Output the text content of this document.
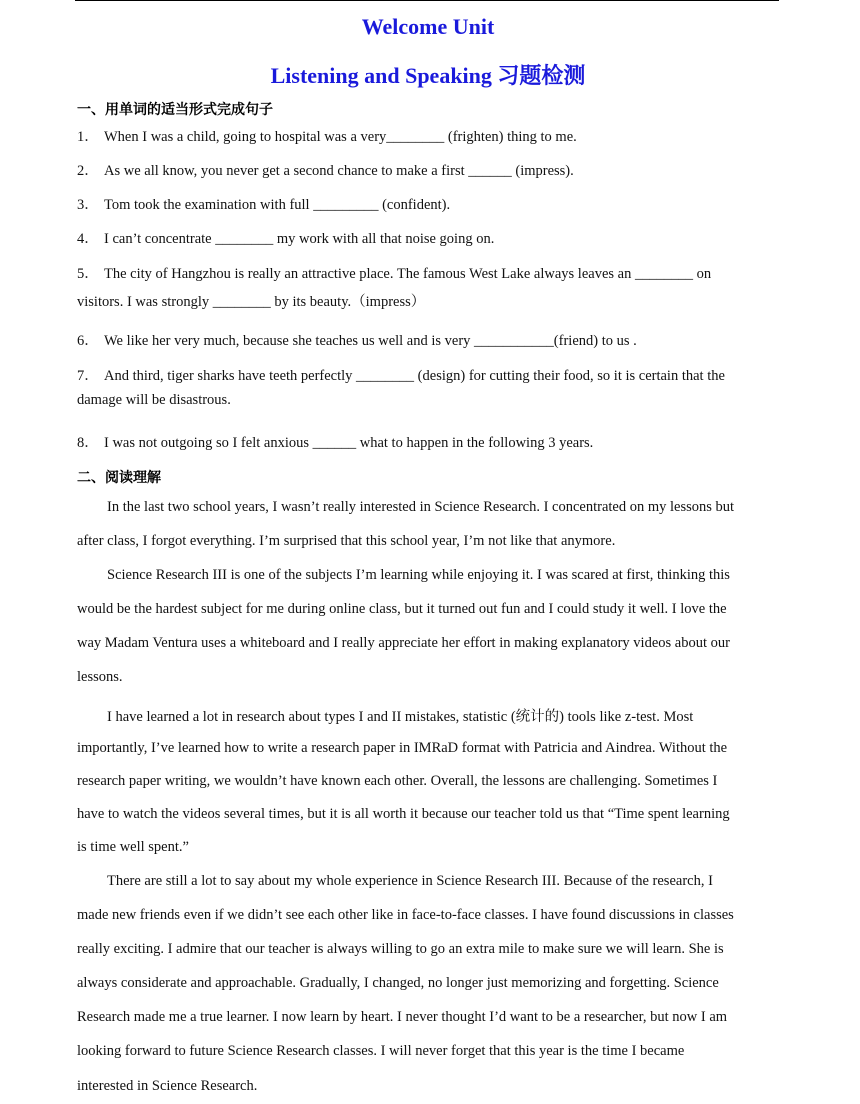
Welcome Unit
Listening and Speaking 习题检测
一、用单词的适当形式完成句子
1． When I was a child, going to hospital was a very________ (frighten) thing to me.
2． As we all know, you never get a second chance to make a first ______ (impress).
3． Tom took the examination with full _________ (confident).
4． I can’t concentrate ________ my work with all that noise going on.
5． The city of Hangzhou is really an attractive place. The famous West Lake always leaves an ________ on
visitors. I was strongly ________ by its beauty.（impress）
6． We like her very much, because she teaches us well and is very ___________(friend) to us .
7． And third, tiger sharks have teeth perfectly ________ (design) for cutting their food, so it is certain that the
damage will be disastrous.
8． I was not outgoing so I felt anxious ______ what to happen in the following 3 years.
二、阅读理解
In the last two school years, I wasn’t really interested in Science Research. I concentrated on my lessons but
after class, I forgot everything. I’m surprised that this school year, I’m not like that anymore.
Science Research III is one of the subjects I’m learning while enjoying it. I was scared at first, thinking this
would be the hardest subject for me during online class, but it turned out fun and I could study it well. I love the
way Madam Ventura uses a whiteboard and I really appreciate her effort in making explanatory videos about our
lessons.
I have learned a lot in research about types I and II mistakes, statistic (统计的) tools like z-test. Most
importantly, I’ve learned how to write a research paper in IMRaD format with Patricia and Aindrea. Without the
research paper writing, we wouldn’t have known each other. Overall, the lessons are challenging. Sometimes I
have to watch the videos several times, but it is all worth it because our teacher told us that “Time spent learning
is time well spent.”
There are still a lot to say about my whole experience in Science Research III. Because of the research, I
made new friends even if we didn’t see each other like in face-to-face classes. I have found discussions in classes
really exciting. I admire that our teacher is always willing to go an extra mile to make sure we will learn. She is
always considerate and approachable. Gradually, I changed, no longer just memorizing and forgetting. Science
Research made me a true learner. I now learn by heart. I never thought I’d want to be a researcher, but now I am
looking forward to future Science Research classes. I will never forget that this year is the time I became
interested in Science Research.
